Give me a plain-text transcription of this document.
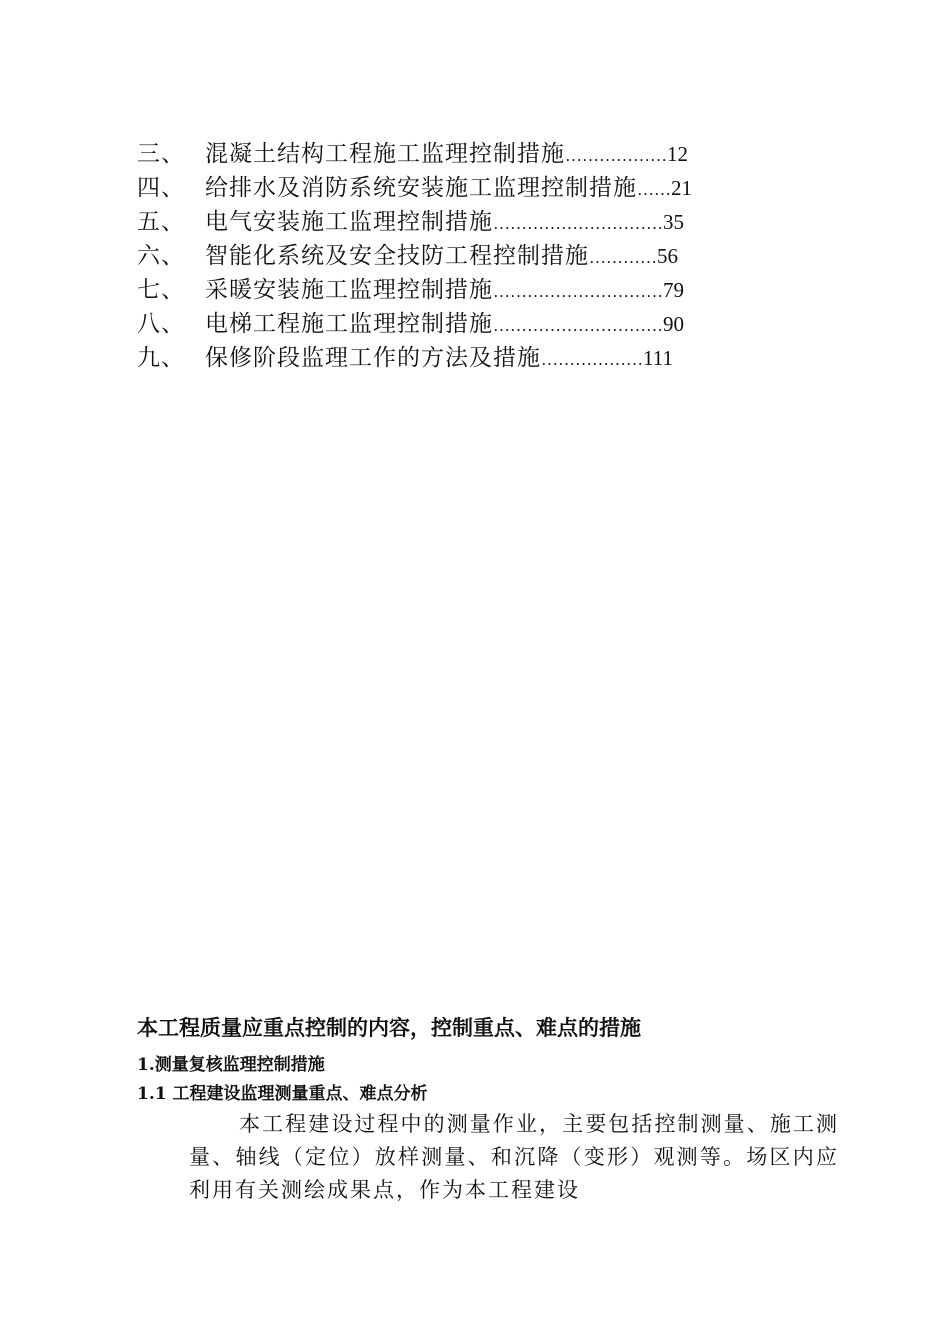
三、 混凝土结构工程施工监理控制措施………………12
四、 给排水及消防系统安装施工监理控制措施……21
五、 电气安装施工监理控制措施…………………………35
六、 智能化系统及安全技防工程控制措施…………56
七、 采暖安装施工监理控制措施…………………………79
八、 电梯工程施工监理控制措施…………………………90
九、 保修阶段监理工作的方法及措施………………111
本工程质量应重点控制的内容，控制重点、难点的措施
1.测量复核监理控制措施
1.1 工程建设监理测量重点、难点分析
本工程建设过程中的测量作业，主要包括控制测量、施工测量、轴线（定位）放样测量、和沉降（变形）观测等。场区内应利用有关测绘成果点，作为本工程建设
